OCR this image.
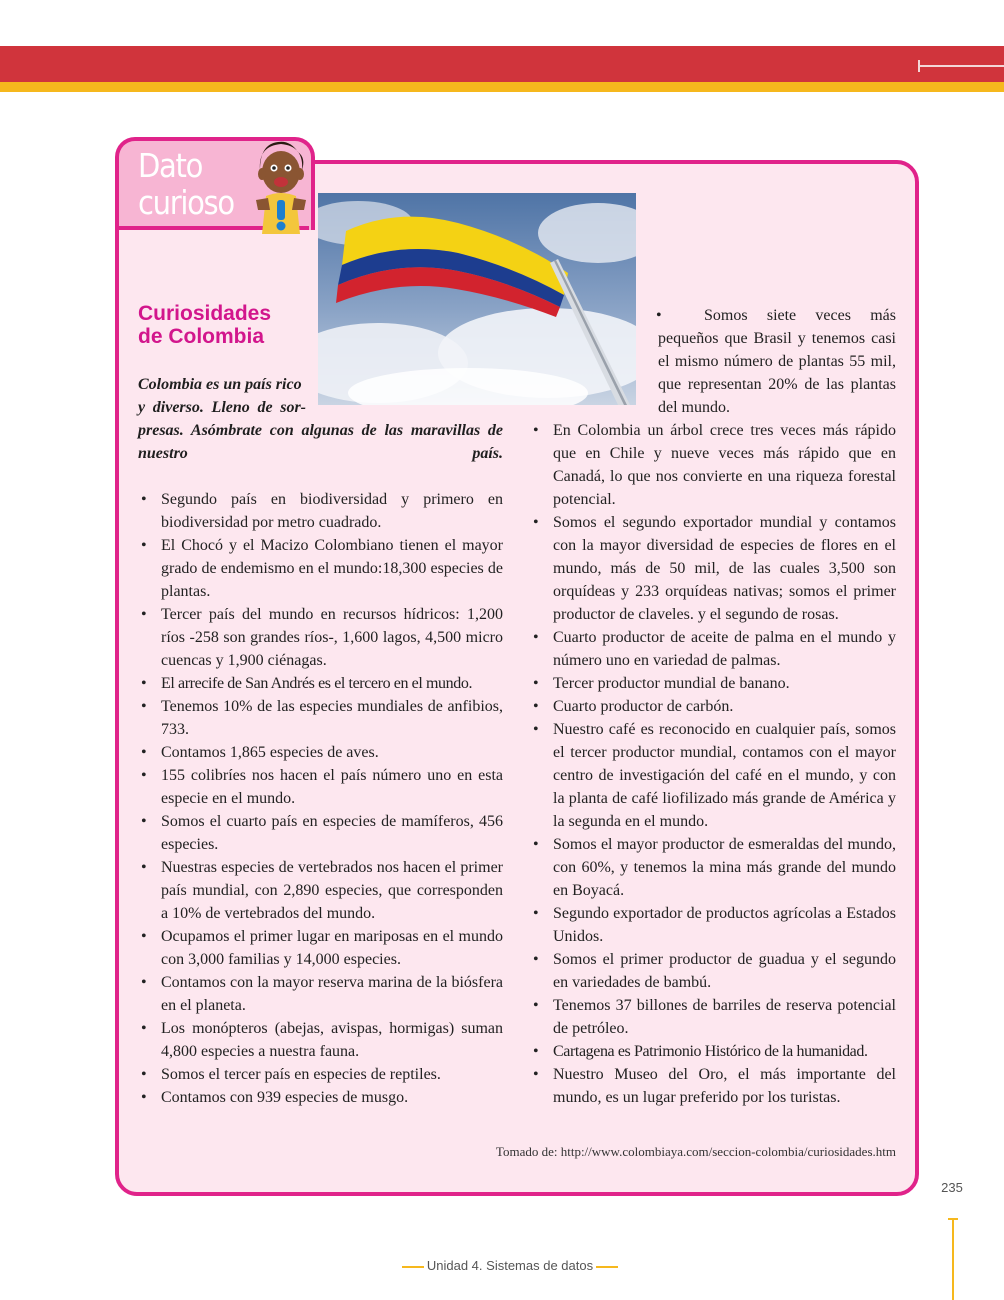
Dato
curioso
Curiosidades
de Colombia
Colombia es un país rico
y diverso. Lleno de sor-
presas. Asómbrate con algunas de las maravillas de nuestro país.
• Segundo país en biodiversidad y primero en biodiversidad por metro cuadrado.
• El Chocó y el Macizo Colombiano tienen el mayor grado de endemismo en el mundo:18,300 especies de plantas.
• Tercer país del mundo en recursos hídricos: 1,200 ríos -258 son grandes ríos-, 1,600 lagos, 4,500 micro cuencas y 1,900 ciénagas.
• El arrecife de San Andrés es el tercero en el mundo.
• Tenemos 10% de las especies mundiales de anfibios, 733.
• Contamos 1,865 especies de aves.
• 155 colibríes nos hacen el país número uno en esta especie en el mundo.
• Somos el cuarto país en especies de mamíferos, 456 especies.
• Nuestras especies de vertebrados nos hacen el primer país mundial, con 2,890 especies, que corresponden a 10% de vertebrados del mundo.
• Ocupamos el primer lugar en mariposas en el mundo con 3,000 familias y 14,000 especies.
• Contamos con la mayor reserva marina de la biósfera en el planeta.
• Los monópteros (abejas, avispas, hormigas) suman 4,800 especies a nuestra fauna.
• Somos el tercer país en especies de reptiles.
• Contamos con 939 especies de musgo.
•	Somos siete veces más pequeños que Brasil y tenemos casi el mismo número de plantas 55 mil, que representan 20% de las plantas del mundo.
• En Colombia un árbol crece tres veces más rápido que en Chile y nueve veces más rápido que en Canadá, lo que nos convierte en una riqueza forestal potencial.
• Somos el segundo exportador mundial y contamos con la mayor diversidad de especies de flores en el mundo, más de 50 mil, de las cuales 3,500 son orquídeas y 233 orquídeas nativas; somos el primer productor de claveles. y el segundo de rosas.
• Cuarto productor de aceite de palma en el mundo y número uno en variedad de palmas.
• Tercer productor mundial de banano.
• Cuarto productor de carbón.
• Nuestro café es reconocido en cualquier país, somos el tercer productor mundial, contamos con el mayor centro de investigación del café en el mundo, y con la planta de café liofilizado más grande de América y la segunda en el mundo.
• Somos el mayor productor de esmeraldas del mundo, con 60%, y tenemos la mina más grande del mundo en Boyacá.
• Segundo exportador de productos agrícolas a Estados Unidos.
• Somos el primer productor de guadua y el segundo en variedades de bambú.
• Tenemos 37 billones de barriles de reserva potencial de petróleo.
• Cartagena es Patrimonio Histórico de la humanidad.
• Nuestro Museo del Oro, el más importante del mundo, es un lugar preferido por los turistas.
Tomado de: http://www.colombiaya.com/seccion-colombia/curiosidades.htm
235
Unidad 4. Sistemas de datos
